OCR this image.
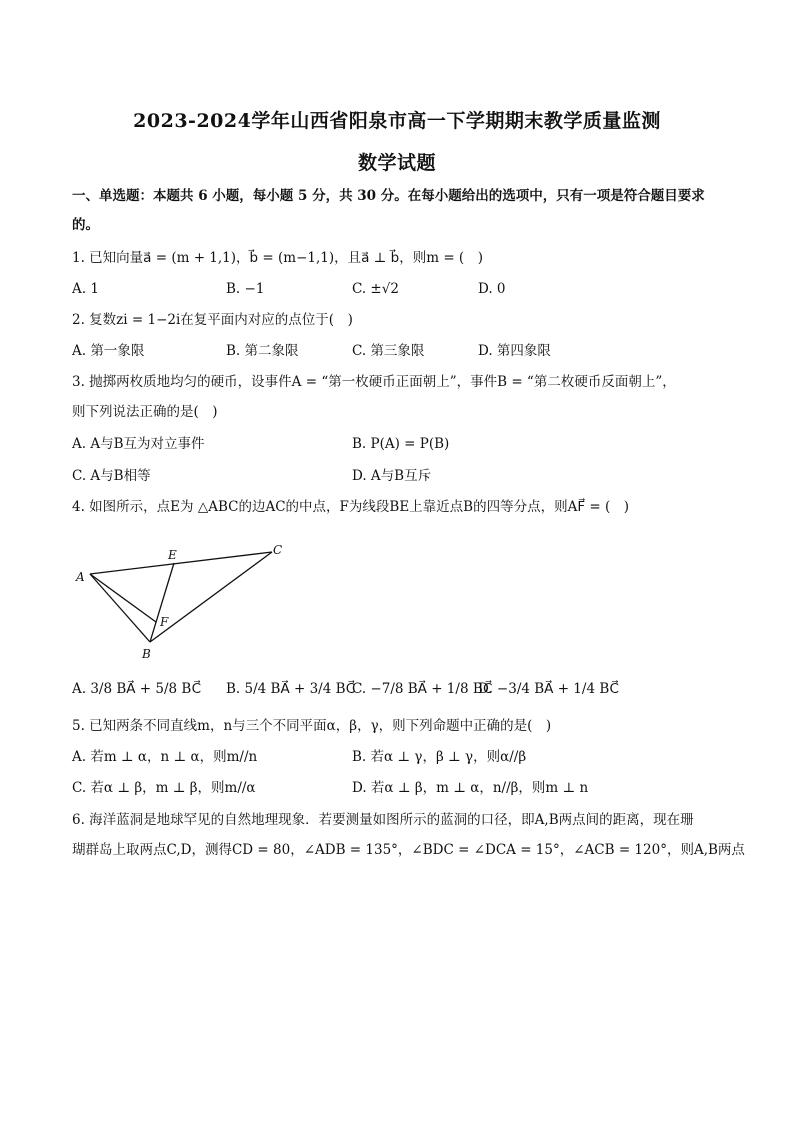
2023-2024学年山西省阳泉市高一下学期期末教学质量监测
数学试题
一、单选题：本题共 6 小题，每小题 5 分，共 30 分。在每小题给出的选项中，只有一项是符合题目要求
的。
1. 已知向量a⃗ = (m + 1,1)，b⃗ = (m−1,1)，且a⃗ ⊥ b⃗，则m = (　)
A. 1	B. −1	C. ±√2	D. 0
2. 复数zi = 1−2i在复平面内对应的点位于(　)
A. 第一象限	B. 第二象限	C. 第三象限	D. 第四象限
3. 抛掷两枚质地均匀的硬币，设事件A = “第一枚硬币正面朝上”，事件B = “第二枚硬币反面朝上”，
则下列说法正确的是(　)
A. A与B互为对立事件	B. P(A) = P(B)
C. A与B相等	D. A与B互斥
4. 如图所示，点E为 △ABC的边AC的中点，F为线段BE上靠近点B的四等分点，则AF⃗ = (　)
A
B
C
E
F
A. 3/8 BA⃗ + 5/8 BC⃗ B. 5/4 BA⃗ + 3/4 BC⃗
C. −7/8 BA⃗ + 1/8 BC⃗
D. −3/4 BA⃗ + 1/4 BC⃗
5. 已知两条不同直线m，n与三个不同平面α，β，γ，则下列命题中正确的是(　)
A. 若m ⊥ α，n ⊥ α，则m//n	B. 若α ⊥ γ，β ⊥ γ，则α//β
C. 若α ⊥ β，m ⊥ β，则m//α	D. 若α ⊥ β，m ⊥ α，n//β，则m ⊥ n
6. 海洋蓝洞是地球罕见的自然地理现象．若要测量如图所示的蓝洞的口径，即A,B两点间的距离，现在珊
瑚群岛上取两点C,D，测得CD = 80，∠ADB = 135°，∠BDC = ∠DCA = 15°，∠ACB = 120°，则A,B两点
